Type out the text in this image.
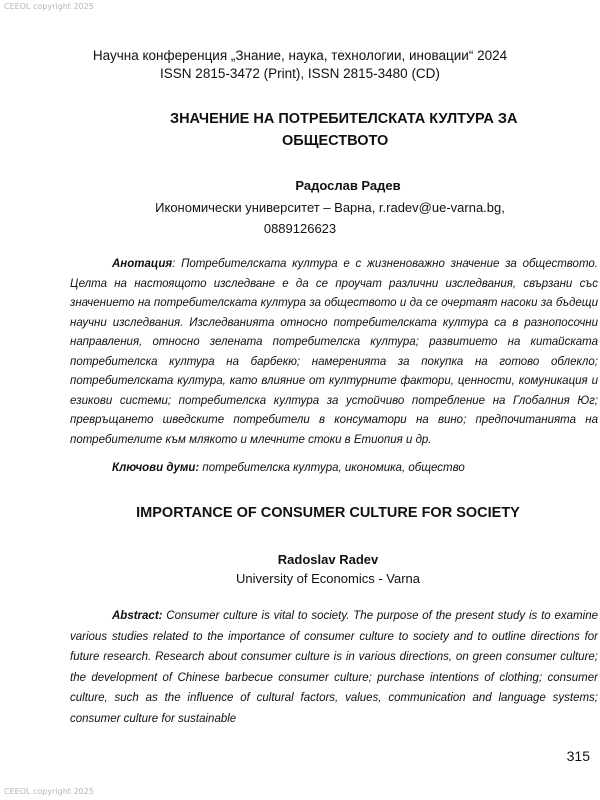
CEEOL copyright 2025
Научна конференция „Знание, наука, технологии, иновации“ 2024
ISSN 2815-3472 (Print), ISSN 2815-3480 (CD)
ЗНАЧЕНИЕ НА ПОТРЕБИТЕЛСКАТА КУЛТУРА ЗА
ОБЩЕСТВОТО
Радослав Радев
Икономически университет – Варна, r.radev@ue-varna.bg,
0889126623
Анотация: Потребителската култура е с жизненоважно значение за обществото. Целта на настоящото изследване е да се проучат различни изследвания, свързани със значението на потребителската култура за обществото и да се очертаят насоки за бъдещи научни изследвания. Изследванията относно потребителската култура са в разнопосочни направления, относно зелената потребителска култура; развитието на китайската потребителска култура на барбекю; намеренията за покупка на готово облекло; потребителската култура, като влияние от културните фактори, ценности, комуникация и езикови системи; потребителска култура за устойчиво потребление на Глобалния Юг; превръщането шведските потребители в консуматори на вино; предпочитанията на потребителите към млякото и млечните стоки в Етиопия и др.
Ключови думи: потребителска култура, икономика, общество
IMPORTANCE OF CONSUMER CULTURE FOR SOCIETY
Radoslav Radev
University of Economics - Varna
Abstract: Consumer culture is vital to society. The purpose of the present study is to examine various studies related to the importance of consumer culture to society and to outline directions for future research. Research about consumer culture is in various directions, on green consumer culture; the development of Chinese barbecue consumer culture; purchase intentions of clothing; consumer culture, such as the influence of cultural factors, values, communication and language systems; consumer culture for sustainable
315
CEEOL copyright 2025
